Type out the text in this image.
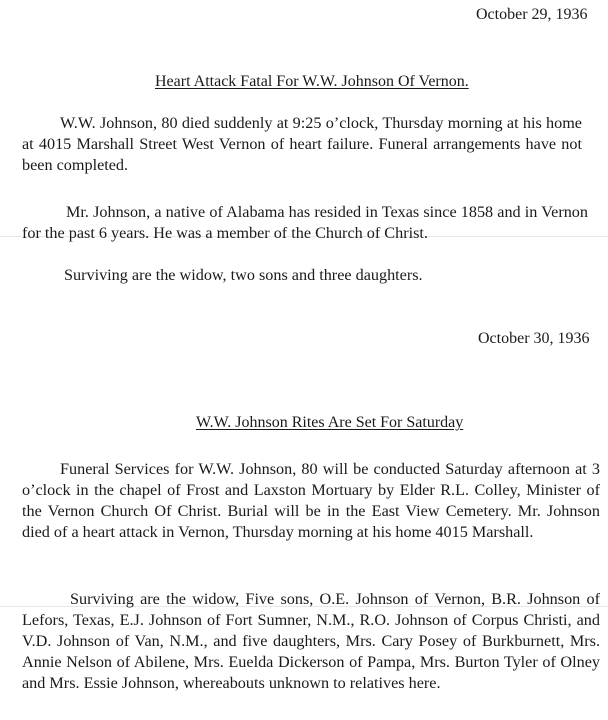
October 29, 1936
Heart Attack Fatal For W.W. Johnson Of Vernon.
W.W. Johnson, 80 died suddenly at 9:25 o’clock, Thursday morning at his home at 4015 Marshall Street West Vernon of heart failure. Funeral arrangements have not been completed.
Mr. Johnson, a native of Alabama has resided in Texas since 1858 and in Vernon for the past 6 years. He was a member of the Church of Christ.
Surviving are the widow, two sons and three daughters.
October 30, 1936
W.W. Johnson Rites Are Set For Saturday
Funeral Services for W.W. Johnson, 80 will be conducted Saturday afternoon at 3 o’clock in the chapel of Frost and Laxston Mortuary by Elder R.L. Colley, Minister of the Vernon Church Of Christ. Burial will be in the East View Cemetery. Mr. Johnson died of a heart attack in Vernon, Thursday morning at his home 4015 Marshall.
Surviving are the widow, Five sons, O.E. Johnson of Vernon, B.R. Johnson of Lefors, Texas, E.J. Johnson of Fort Sumner, N.M., R.O. Johnson of Corpus Christi, and V.D. Johnson of Van, N.M., and five daughters, Mrs. Cary Posey of Burkburnett, Mrs. Annie Nelson of Abilene, Mrs. Euelda Dickerson of Pampa, Mrs. Burton Tyler of Olney and Mrs. Essie Johnson, whereabouts unknown to relatives here.
